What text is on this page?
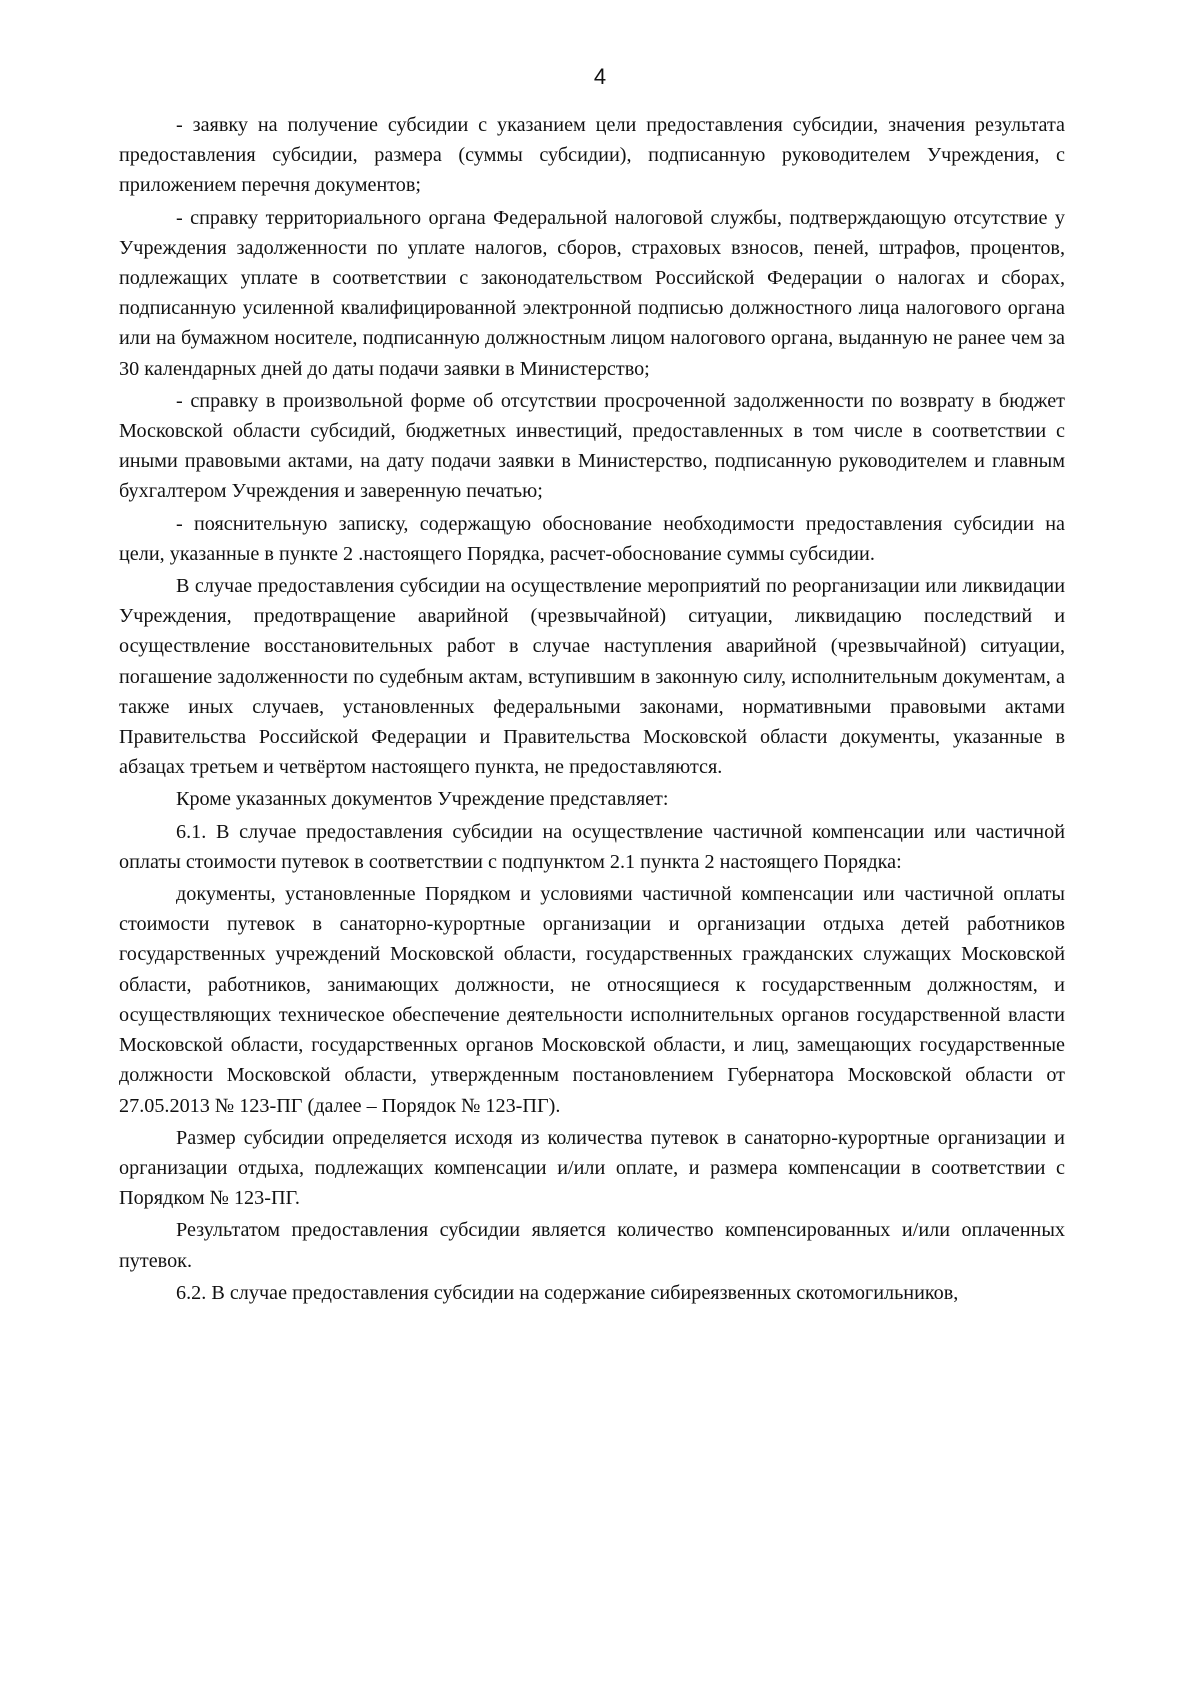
4

- заявку на получение субсидии с указанием цели предоставления субсидии, значения результата предоставления субсидии, размера (суммы субсидии), подписанную руководителем Учреждения, с приложением перечня документов;

- справку территориального органа Федеральной налоговой службы, подтверждающую отсутствие у Учреждения задолженности по уплате налогов, сборов, страховых взносов, пеней, штрафов, процентов, подлежащих уплате в соответствии с законодательством Российской Федерации о налогах и сборах, подписанную усиленной квалифицированной электронной подписью должностного лица налогового органа или на бумажном носителе, подписанную должностным лицом налогового органа, выданную не ранее чем за 30 календарных дней до даты подачи заявки в Министерство;

- справку в произвольной форме об отсутствии просроченной задолженности по возврату в бюджет Московской области субсидий, бюджетных инвестиций, предоставленных в том числе в соответствии с иными правовыми актами, на дату подачи заявки в Министерство, подписанную руководителем и главным бухгалтером Учреждения и заверенную печатью;

- пояснительную записку, содержащую обоснование необходимости предоставления субсидии на цели, указанные в пункте 2 .настоящего Порядка, расчет-обоснование суммы субсидии.

В случае предоставления субсидии на осуществление мероприятий по реорганизации или ликвидации Учреждения, предотвращение аварийной (чрезвычайной) ситуации, ликвидацию последствий и осуществление восстановительных работ в случае наступления аварийной (чрезвычайной) ситуации, погашение задолженности по судебным актам, вступившим в законную силу, исполнительным документам, а также иных случаев, установленных федеральными законами, нормативными правовыми актами Правительства Российской Федерации и Правительства Московской области документы, указанные в абзацах третьем и четвёртом настоящего пункта, не предоставляются.

Кроме указанных документов Учреждение представляет:

6.1. В случае предоставления субсидии на осуществление частичной компенсации или частичной оплаты стоимости путевок в соответствии с подпунктом 2.1 пункта 2 настоящего Порядка:

документы, установленные Порядком и условиями частичной компенсации или частичной оплаты стоимости путевок в санаторно-курортные организации и организации отдыха детей работников государственных учреждений Московской области, государственных гражданских служащих Московской области, работников, занимающих должности, не относящиеся к государственным должностям, и осуществляющих техническое обеспечение деятельности исполнительных органов государственной власти Московской области, государственных органов Московской области, и лиц, замещающих государственные должности Московской области, утвержденным постановлением Губернатора Московской области от 27.05.2013 № 123-ПГ (далее – Порядок № 123-ПГ).

Размер субсидии определяется исходя из количества путевок в санаторно-курортные организации и организации отдыха, подлежащих компенсации и/или оплате, и размера компенсации в соответствии с Порядком № 123-ПГ.

Результатом предоставления субсидии является количество компенсированных и/или оплаченных путевок.

6.2. В случае предоставления субсидии на содержание сибиреязвенных скотомогильников,
